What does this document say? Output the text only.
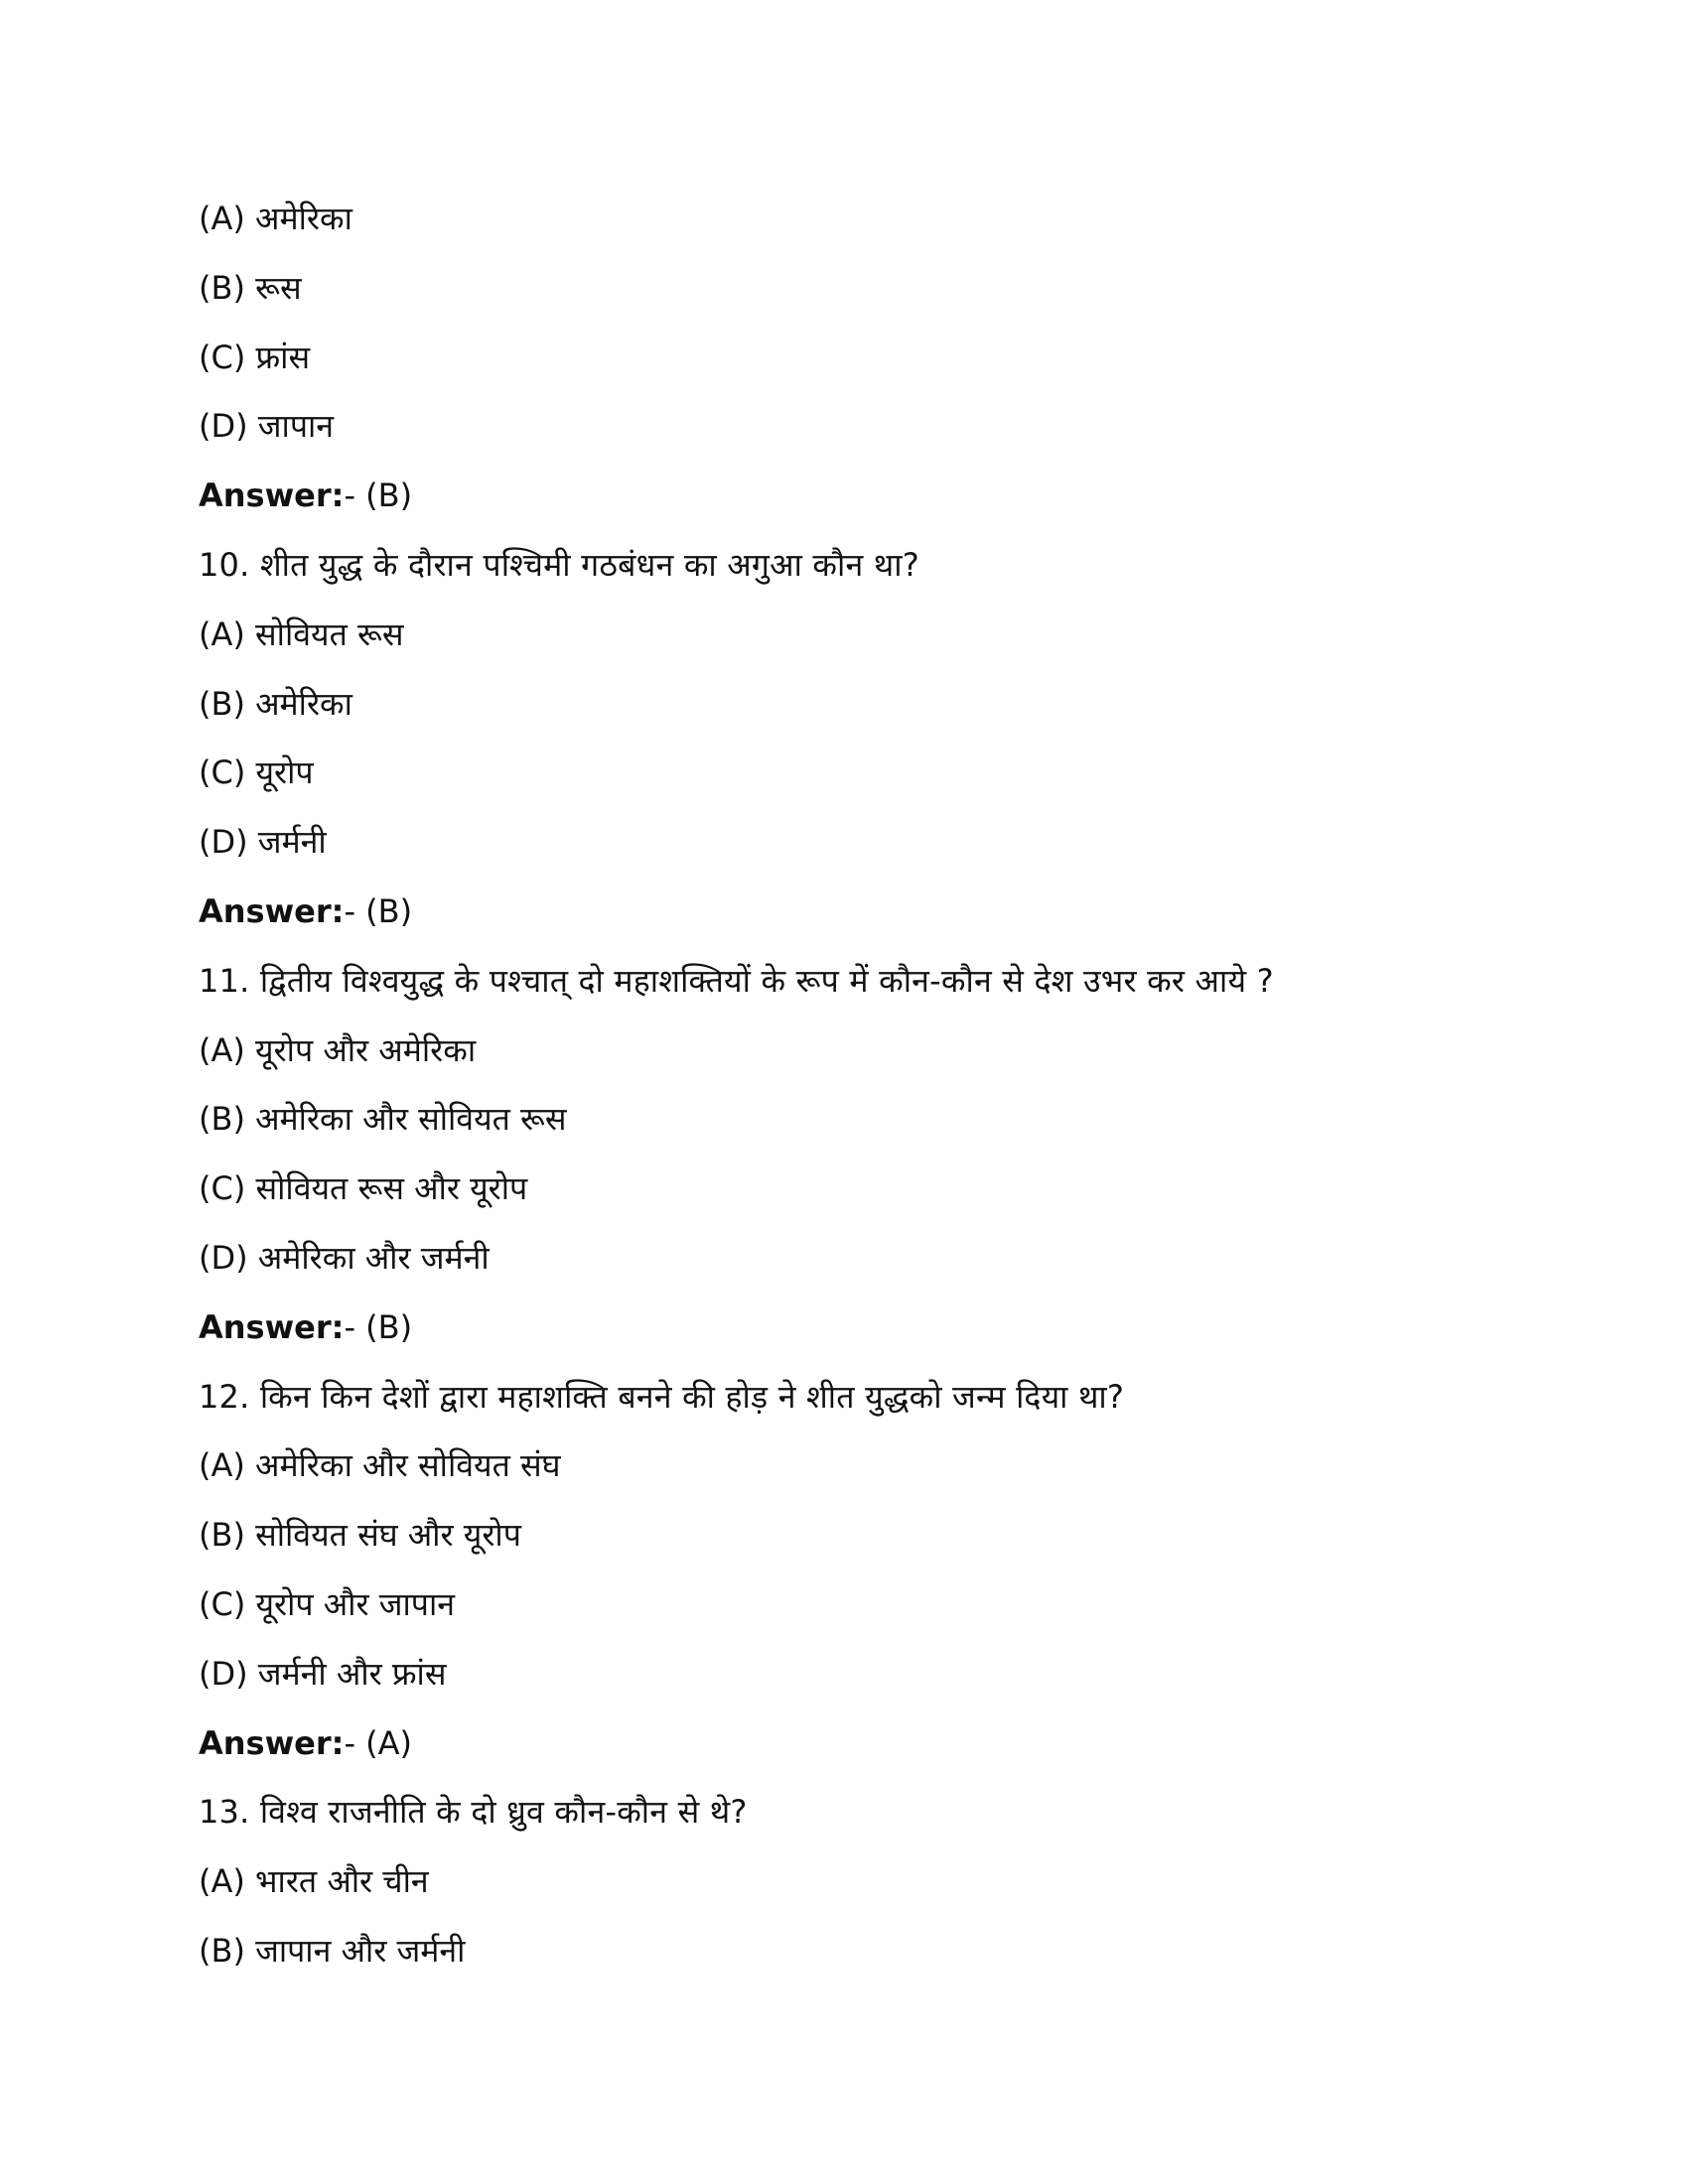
(A) अमेरिका
(B) रूस
(C) फ्रांस
(D) जापान
Answer:- (B)
10. शीत युद्ध के दौरान पश्चिमी गठबंधन का अगुआ कौन था?
(A) सोवियत रूस
(B) अमेरिका
(C) यूरोप
(D) जर्मनी
Answer:- (B)
11. द्वितीय विश्वयुद्ध के पश्चात् दो महाशक्तियों के रूप में कौन-कौन से देश उभर कर आये ?
(A) यूरोप और अमेरिका
(B) अमेरिका और सोवियत रूस
(C) सोवियत रूस और यूरोप
(D) अमेरिका और जर्मनी
Answer:- (B)
12. किन किन देशों द्वारा महाशक्ति बनने की होड़ ने शीत युद्धको जन्म दिया था?
(A) अमेरिका और सोवियत संघ
(B) सोवियत संघ और यूरोप
(C) यूरोप और जापान
(D) जर्मनी और फ्रांस
Answer:- (A)
13. विश्व राजनीति के दो ध्रुव कौन-कौन से थे?
(A) भारत और चीन
(B) जापान और जर्मनी
